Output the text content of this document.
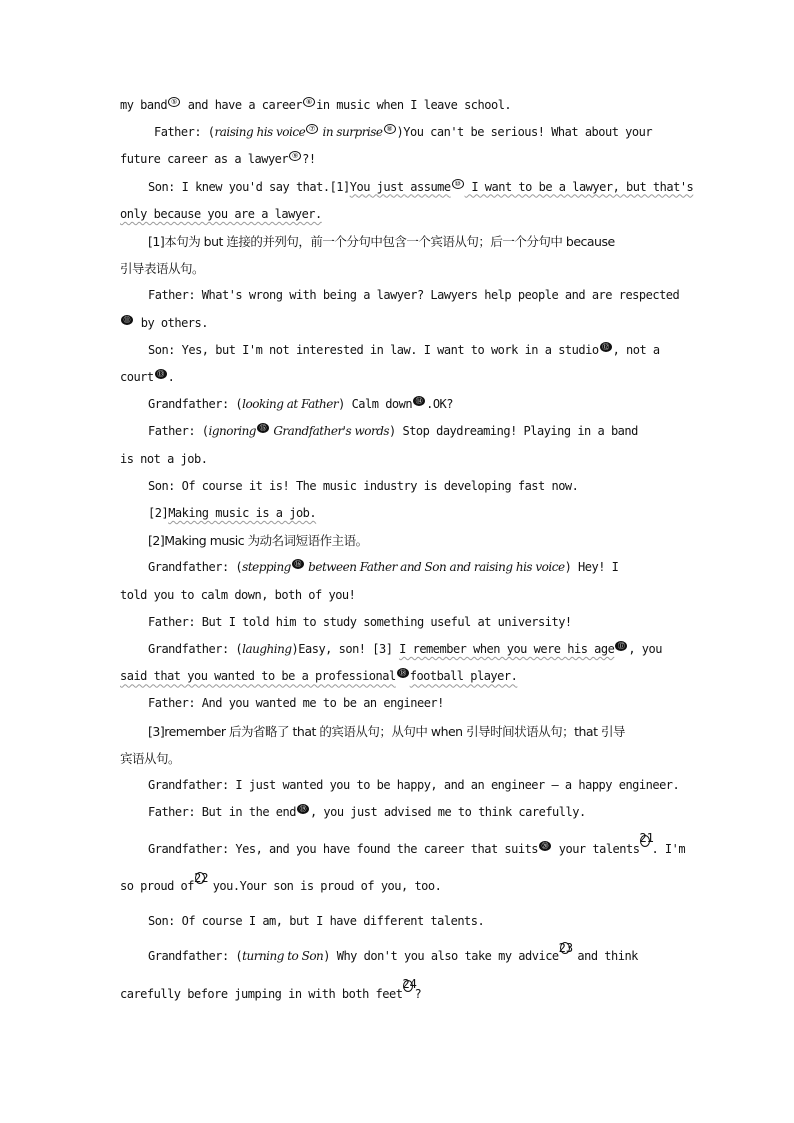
my band ⑤ and have a career ⑥ in music when I leave school.
Father: (raising his voice ⑦ in surprise ⑧ )You can't be serious! What about your
future career as a lawyer ⑨ ?!
Son: I knew you'd say that.[1]You just assume ⑩ I want to be a lawyer, but that's
only because you are a lawyer.
[1]本句为 but 连接的并列句，前一个分句中包含一个宾语从句；后一个分句中 because
引导表语从句。
Father: What's wrong with being a lawyer? Lawyers help people and are respected
⑪ by others.
Son: Yes, but I'm not interested in law. I want to work in a studio ⑫ , not a
court ⑬ .
Grandfather: (looking at Father) Calm down ⑭ .OK?
Father: (ignoring ⑮ Grandfather's words) Stop daydreaming! Playing in a band
is not a job.
Son: Of course it is! The music industry is developing fast now.
[2]Making music is a job.
[2]Making music 为动名词短语作主语。
Grandfather: (stepping ⑯ between Father and Son and raising his voice) Hey! I
told you to calm down, both of you!
Father: But I told him to study something useful at university!
Grandfather: (laughing)Easy, son! [3] I remember when you were his age ⑰ , you
said that you wanted to be a professional ⑱ football player.
Father: And you wanted me to be an engineer!
[3]remember 后为省略了 that 的宾语从句；从句中 when 引导时间状语从句；that 引导
宾语从句。
Grandfather: I just wanted you to be happy, and an engineer — a happy engineer.
Father: But in the end ⑲ , you just advised me to think carefully.
Grandfather: Yes, and you have found the career that suits ⑳ your talents
21
. I'm
so proud of
22
you.Your son is proud of you, too.
Son: Of course I am, but I have different talents.
Grandfather: (turning to Son) Why don't you also take my advice
23
and think
carefully before jumping in with both feet
24
?
